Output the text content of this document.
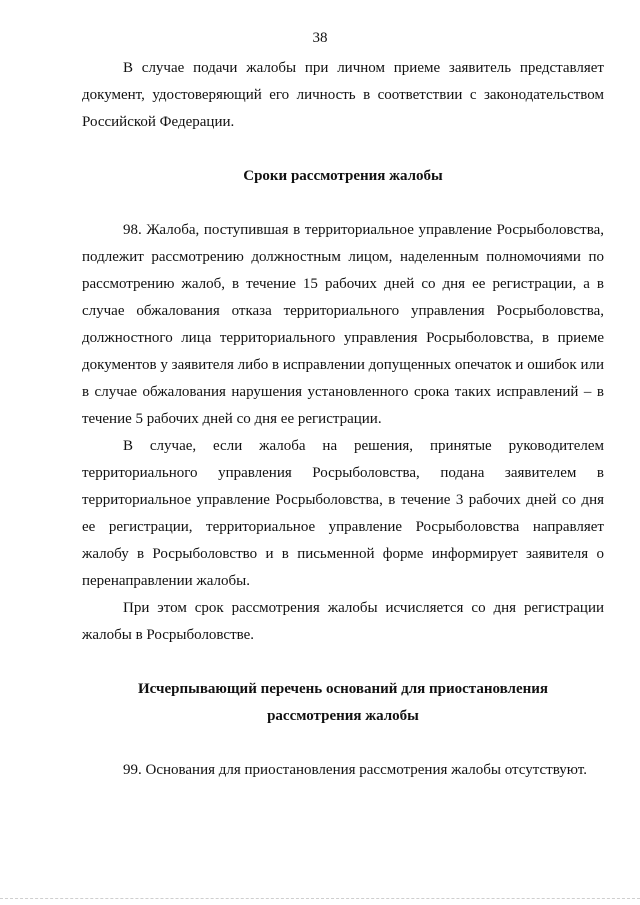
38

В случае подачи жалобы при личном приеме заявитель представляет документ, удостоверяющий его личность в соответствии с законодательством Российской Федерации.

Сроки рассмотрения жалобы

98. Жалоба, поступившая в территориальное управление Росрыболовства, подлежит рассмотрению должностным лицом, наделенным полномочиями по рассмотрению жалоб, в течение 15 рабочих дней со дня ее регистрации, а в случае обжалования отказа территориального управления Росрыболовства, должностного лица территориального управления Росрыболовства, в приеме документов у заявителя либо в исправлении допущенных опечаток и ошибок или в случае обжалования нарушения установленного срока таких исправлений – в течение 5 рабочих дней со дня ее регистрации.

В случае, если жалоба на решения, принятые руководителем территориального управления Росрыболовства, подана заявителем в территориальное управление Росрыболовства, в течение 3 рабочих дней со дня ее регистрации, территориальное управление Росрыболовства направляет жалобу в Росрыболовство и в письменной форме информирует заявителя о перенаправлении жалобы.

При этом срок рассмотрения жалобы исчисляется со дня регистрации жалобы в Росрыболовстве.

Исчерпывающий перечень оснований для приостановления
рассмотрения жалобы

99. Основания для приостановления рассмотрения жалобы отсутствуют.
